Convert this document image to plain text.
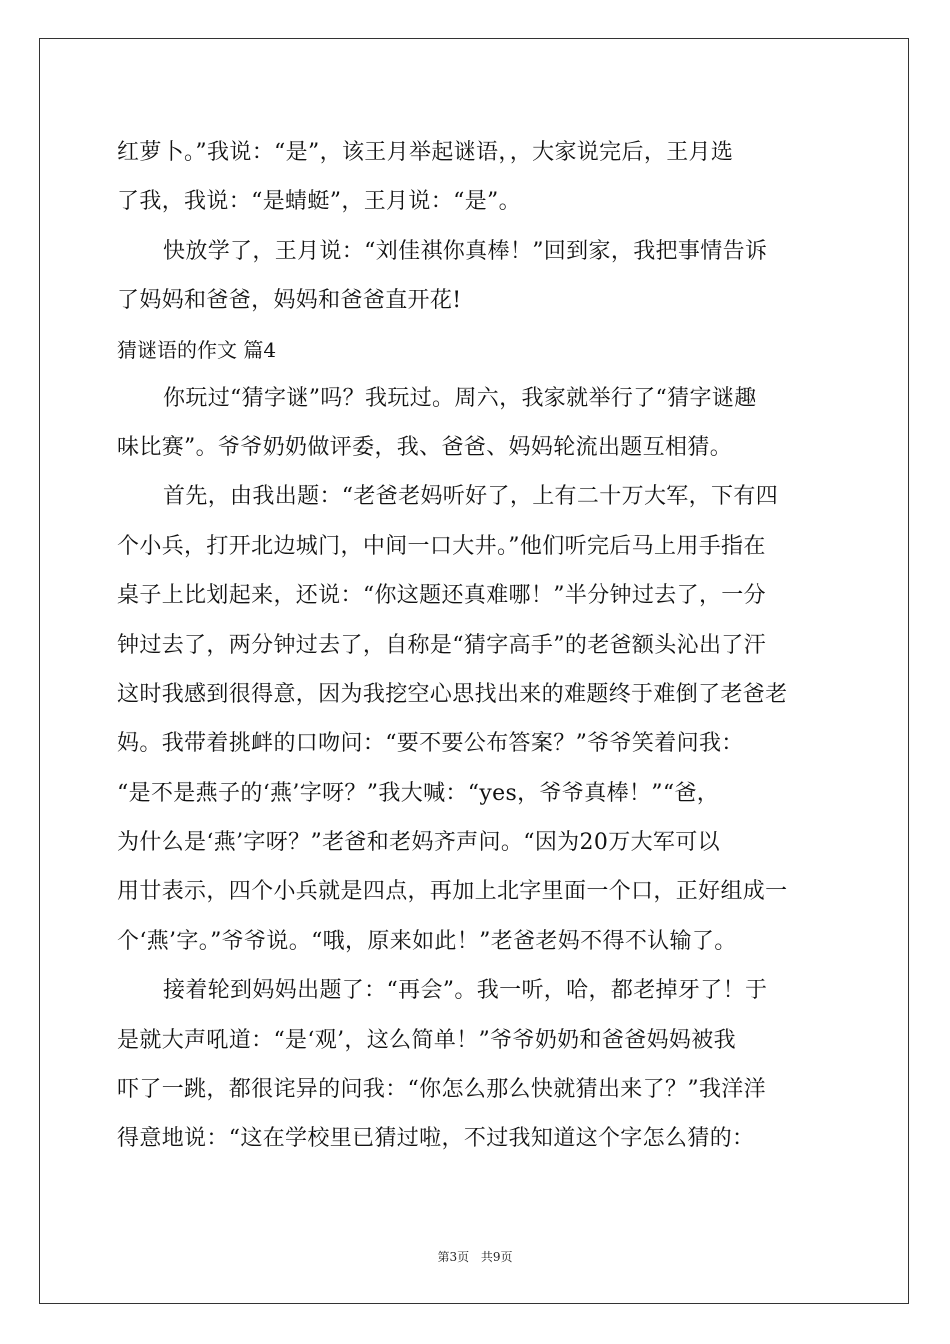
红萝卜。”我说：“是”，该王月举起谜语，，大家说完后，王月选
了我，我说：“是蜻蜓”，王月说：“是”。
快放学了，王月说：“刘佳祺你真棒！”回到家，我把事情告诉
了妈妈和爸爸，妈妈和爸爸直开花!
猜谜语的作文 篇4
你玩过“猜字谜”吗？我玩过。周六，我家就举行了“猜字谜趣
味比赛”。爷爷奶奶做评委，我、爸爸、妈妈轮流出题互相猜。
首先，由我出题：“老爸老妈听好了，上有二十万大军，下有四
个小兵，打开北边城门，中间一口大井。”他们听完后马上用手指在
桌子上比划起来，还说：“你这题还真难哪！”半分钟过去了，一分
钟过去了，两分钟过去了，自称是“猜字高手”的老爸额头沁出了汗
这时我感到很得意，因为我挖空心思找出来的难题终于难倒了老爸老
妈。我带着挑衅的口吻问：“要不要公布答案？”爷爷笑着问我：
“是不是燕子的‘燕’字呀？”我大喊：“yes，爷爷真棒！”“爸，
为什么是‘燕’字呀？”老爸和老妈齐声问。“因为20万大军可以
用廿表示，四个小兵就是四点，再加上北字里面一个口，正好组成一
个‘燕’字。”爷爷说。“哦，原来如此！”老爸老妈不得不认输了。
接着轮到妈妈出题了：“再会”。我一听，哈，都老掉牙了！于
是就大声吼道：“是‘观’，这么简单！”爷爷奶奶和爸爸妈妈被我
吓了一跳，都很诧异的问我：“你怎么那么快就猜出来了？”我洋洋
得意地说：“这在学校里已猜过啦，不过我知道这个字怎么猜的：
第3页 共9页
